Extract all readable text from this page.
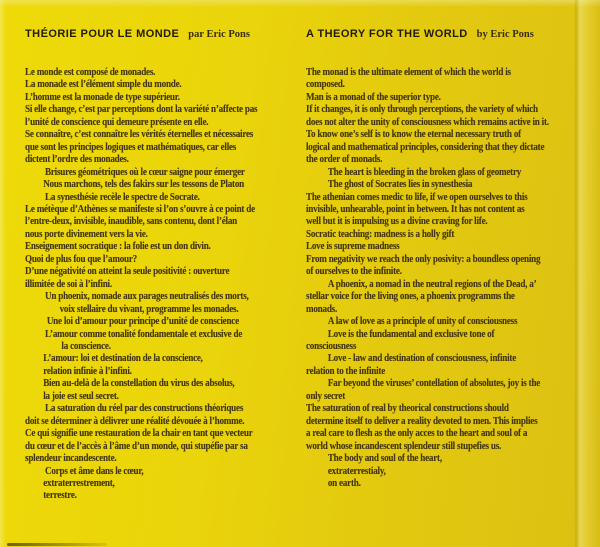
THÉORIE POUR LE MONDE par Eric Pons
Le monde est composé de monades.
La monade est l’élément simple du monde.
L’homme est la monade de type supérieur.
Si elle change, c’est par perceptions dont la variété n’affecte pas
l’unité de conscience qui demeure présente en elle.
Se connaître, c’est connaître les vérités éternelles et nécessaires
que sont les principes logiques et mathématiques, car elles
dictent l’ordre des monades.
Brisures géométriques où le cœur saigne pour émerger
Nous marchons, tels des fakirs sur les tessons de Platon
La synesthésie recèle le spectre de Socrate.
Le métèque d’Athènes se manifeste si l’on s’ouvre à ce point de
l’entre-deux, invisible, inaudible, sans contenu, dont l’élan
nous porte divinement vers la vie.
Enseignement socratique : la folie est un don divin.
Quoi de plus fou que l’amour?
D’une négativité on atteint la seule positivité : ouverture
illimitée de soi à l’infini.
Un phoenix, nomade aux parages neutralisés des morts,
voix stellaire du vivant, programme les monades.
Une loi d’amour pour principe d’unité de conscience
L’amour comme tonalité fondamentale et exclusive de
la conscience.
L’amour: loi et destination de la conscience,
relation infinie à l’infini.
Bien au-delà de la constellation du virus des absolus,
la joie est seul secret.
La saturation du réel par des constructions théoriques
doit se déterminer à délivrer une réalité dévouée à l’homme.
Ce qui signifie une restauration de la chair en tant que vecteur
du cœur et de l’accès à l’âme d’un monde, qui stupéfie par sa
splendeur incandescente.
Corps et âme dans le cœur,
extraterrestrement,
terrestre.
A THEORY FOR THE WORLD by Eric Pons
The monad is the ultimate element of which the world is
composed.
Man is a monad of the superior type.
If it changes, it is only through perceptions, the variety of which
does not alter the unity of consciousness which remains active in it.
To know one’s self is to know the eternal necessary truth of
logical and mathematical principles, considering that they dictate
the order of monads.
The heart is bleeding in the broken glass of geometry
The ghost of Socrates lies in synesthesia
The athenian comes medic to life, if we open ourselves to this
invisible, unhearable, point in between. It has not content as
well but it is impulsing us a divine craving for life.
Socratic teaching: madness is a holly gift
Love is supreme madness
From negativity we reach the only posivity: a boundless opening
of ourselves to the infinite.
A phoenix, a nomad in the neutral regions of the Dead, a’
stellar voice for the living ones, a phoenix programms the
monads.
A law of love as a principle of unity of consciousness
Love is the fundamental and exclusive tone of
consciousness
Love - law and destination of consciousness, infinite
relation to the infinite
Far beyond the viruses’ contellation of absolutes, joy is the
only secret
The saturation of real by theorical constructions should
determine itself to deliver a reality devoted to men. This implies
a real care to flesh as the only acces to the heart and soul of a
world whose incandescent splendeur still stupefies us.
The body and soul of the heart,
extraterrestialy,
on earth.
